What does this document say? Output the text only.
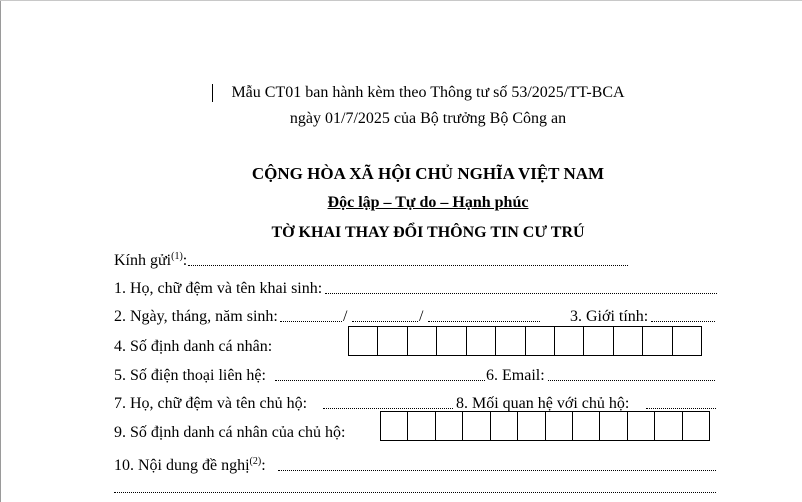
Mẫu CT01 ban hành kèm theo Thông tư số 53/2025/TT-BCA
ngày 01/7/2025 của Bộ trưởng Bộ Công an
CỘNG HÒA XÃ HỘI CHỦ NGHĨA VIỆT NAM
Độc lập – Tự do – Hạnh phúc
TỜ KHAI THAY ĐỔI THÔNG TIN CƯ TRÚ
Kính gửi$^{(1)}$:
1. Họ, chữ đệm và tên khai sinh:
2. Ngày, tháng, năm sinh:	/	/	3. Giới tính:
4. Số định danh cá nhân:
5. Số điện thoại liên hệ:	6. Email:
7. Họ, chữ đệm và tên chủ hộ:	8. Mối quan hệ với chủ hộ:
9. Số định danh cá nhân của chủ hộ:
10. Nội dung đề nghị$^{(2)}$:
